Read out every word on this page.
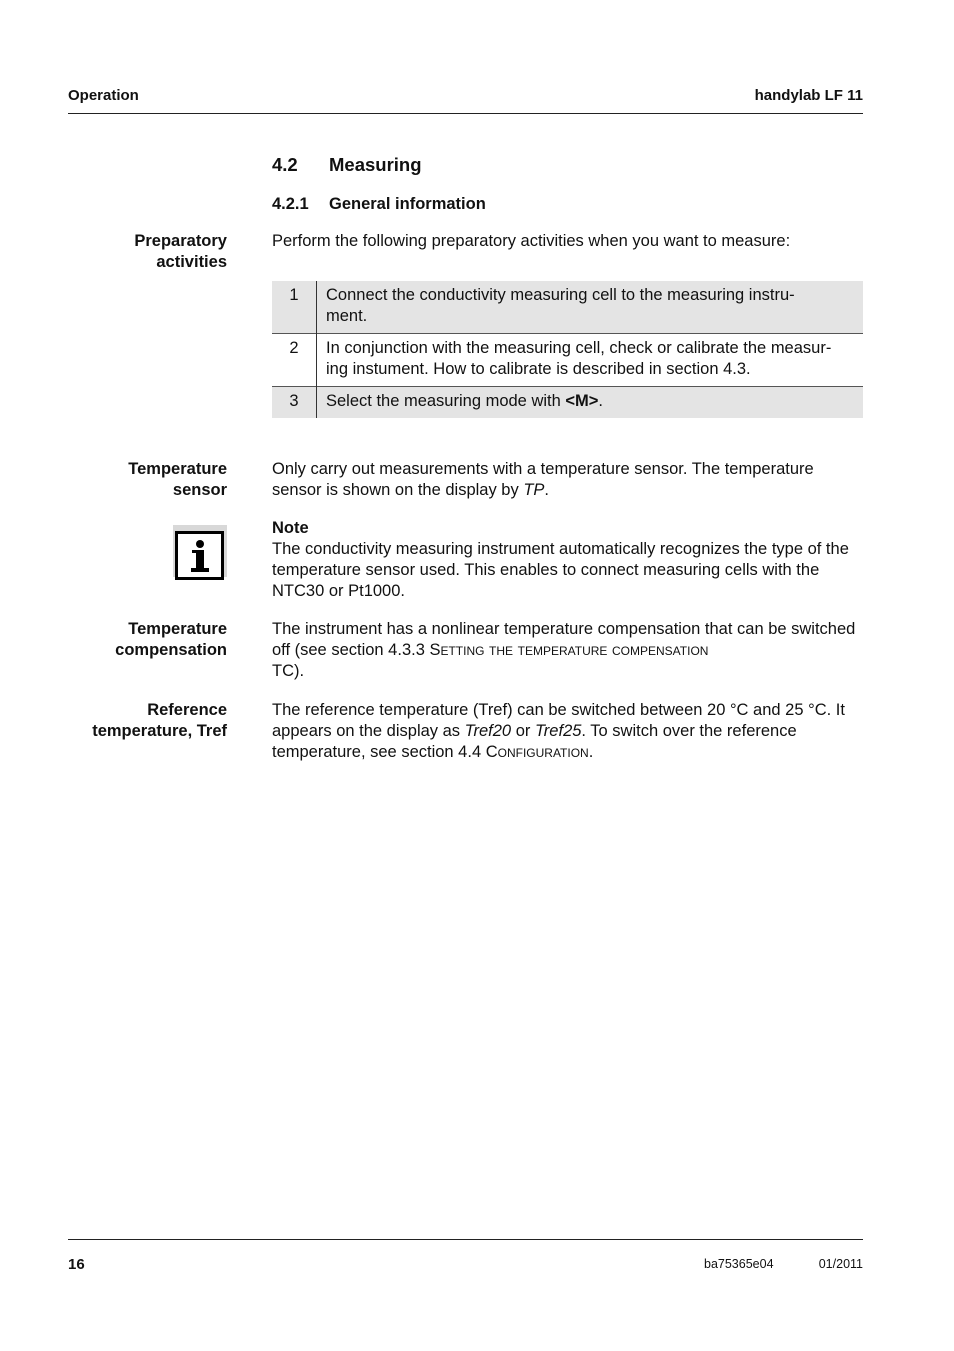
Operation	handylab LF 11
4.2 Measuring
4.2.1 General information
Preparatory
activities
Perform the following preparatory activities when you want to measure:
1	Connect the conductivity measuring cell to the measuring instru-
ment.

2	In conjunction with the measuring cell, check or calibrate the measur-
ing instument. How to calibrate is described in section 4.3.

3	Select the measuring mode with <M>.
Temperature
sensor
Only carry out measurements with a temperature sensor. The temperature sensor is shown on the display by TP.
Note
The conductivity measuring instrument automatically recognizes the type of the temperature sensor used. This enables to connect measuring cells with the NTC30 or Pt1000.
Temperature
compensation
The instrument has a nonlinear temperature compensation that can be switched off (see section 4.3.3 Setting the temperature compensation
TC).
Reference
temperature, Tref
The reference temperature (Tref) can be switched between 20 °C and 25 °C. It appears on the display as Tref20 or Tref25. To switch over the reference temperature, see section 4.4 Configuration.
16	ba75365e04	01/2011
